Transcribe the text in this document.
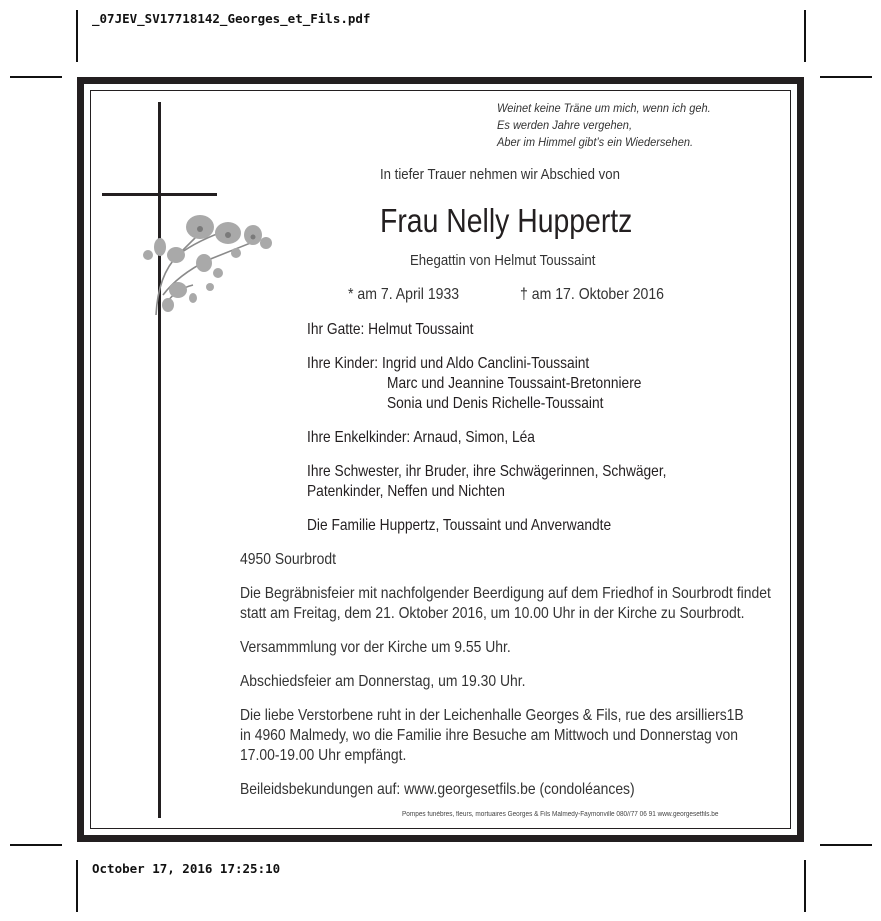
_07JEV_SV17718142_Georges_et_Fils.pdf
October 17, 2016 17:25:10
Weinet keine Träne um mich, wenn ich geh.
Es werden Jahre vergehen,
Aber im Himmel gibt’s ein Wiedersehen.
In tiefer Trauer nehmen wir Abschied von
Frau Nelly Huppertz
Ehegattin von Helmut Toussaint
* am 7. April 1933	† am 17. Oktober 2016
Ihr Gatte: Helmut Toussaint
Ihre Kinder: Ingrid und Aldo Canclini-Toussaint
Marc und Jeannine Toussaint-Bretonniere
Sonia und Denis Richelle-Toussaint
Ihre Enkelkinder: Arnaud, Simon, Léa
Ihre Schwester, ihr Bruder, ihre Schwägerinnen, Schwäger,
Patenkinder, Neffen und Nichten
Die Familie Huppertz, Toussaint und Anverwandte
4950 Sourbrodt
Die Begräbnisfeier mit nachfolgender Beerdigung auf dem Friedhof in Sourbrodt findet
statt am Freitag, dem 21. Oktober 2016, um 10.00 Uhr in der Kirche zu Sourbrodt.
Versammmlung vor der Kirche um 9.55 Uhr.
Abschiedsfeier am Donnerstag, um 19.30 Uhr.
Die liebe Verstorbene ruht in der Leichenhalle Georges & Fils, rue des arsilliers1B
in 4960 Malmedy, wo die Familie ihre Besuche am Mittwoch und Donnerstag von
17.00-19.00 Uhr empfängt.
Beileidsbekundungen auf: www.georgesetfils.be (condoléances)
Pompes funèbres, fleurs, mortuaires Georges & Fils Malmedy-Faymonville 080//77 06 91 www.georgesetfils.be
